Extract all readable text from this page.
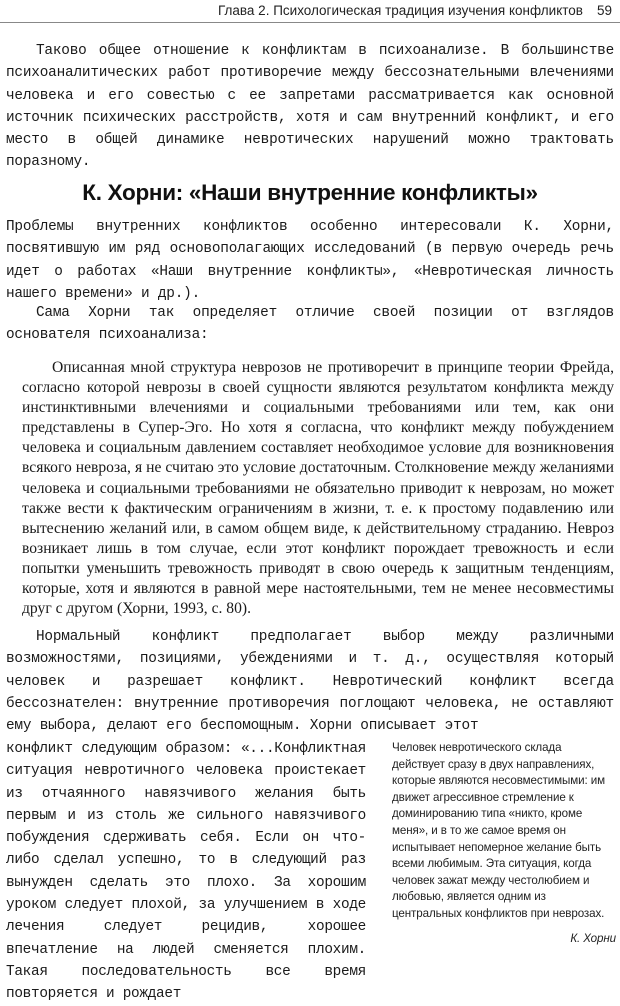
Глава 2. Психологическая традиция изучения конфликтов 59

Таково общее отношение к конфликтам в психоанализе. В большинстве психоаналитических работ противоречие между бессознательными влечениями человека и его совестью с ее запретами рассматривается как основной источник психических расстройств, хотя и сам внутренний конфликт, и его место в общей динамике невротических нарушений можно трактовать поразному.

К. Хорни: «Наши внутренние конфликты»

Проблемы внутренних конфликтов особенно интересовали К. Хорни, посвятившую им ряд основополагающих исследований (в первую очередь речь идет о работах «Наши внутренние конфликты», «Невротическая личность нашего времени» и др.).

Сама Хорни так определяет отличие своей позиции от взглядов основателя психоанализа:

Описанная мной структура неврозов не противоречит в принципе теории Фрейда, согласно которой неврозы в своей сущности являются результатом конфликта между инстинктивными влечениями и социальными требованиями или тем, как они представлены в Супер-Эго. Но хотя я согласна, что конфликт между побуждением человека и социальным давлением составляет необходимое условие для возникновения всякого невроза, я не считаю это условие достаточным. Столкновение между желаниями человека и социальными требованиями не обязательно приводит к неврозам, но может также вести к фактическим ограничениям в жизни, т. е. к простому подавлению или вытеснению желаний или, в самом общем виде, к действительному страданию. Невроз возникает лишь в том случае, если этот конфликт порождает тревожность и если попытки уменьшить тревожность приводят в свою очередь к защитным тенденциям, которые, хотя и являются в равной мере настоятельными, тем не менее несовместимы друг с другом (Хорни, 1993, с. 80).

Нормальный конфликт предполагает выбор между различными возможностями, позициями, убеждениями и т. д., осуществляя который человек и разрешает конфликт. Невротический конфликт всегда бессознателен: внутренние противоречия поглощают человека, не оставляют ему выбора, делают его беспомощным. Хорни описывает этот

конфликт следующим образом: «...Конфликтная ситуация невротичного человека проистекает из отчаянного навязчивого желания быть первым и из столь же сильного навязчивого побуждения сдерживать себя. Если он что-либо сделал успешно, то в следующий раз вынужден сделать это плохо. За хорошим уроком следует плохой, за улучшением в ходе лечения следует рецидив, хорошее впечатление на людей сменяется плохим. Такая последовательность все время повторяется и рождает

Человек невротического склада действует сразу в двух направлениях, которые являются несовместимыми: им движет агрессивное стремление к доминированию типа «никто, кроме меня», и в то же самое время он испытывает непомерное желание быть всеми любимым. Эта ситуация, когда человек зажат между честолюбием и любовью, является одним из центральных конфликтов при неврозах.
К. Хорни
